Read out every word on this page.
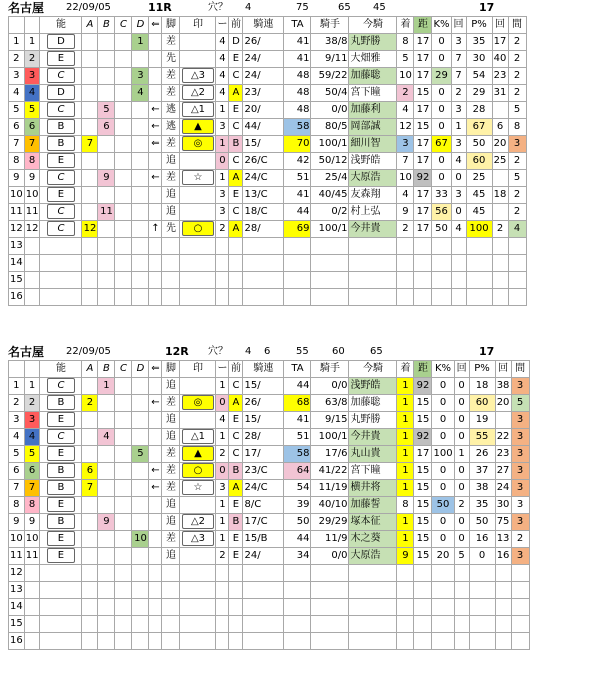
名古屋 22/09/05	11R	穴？ 4	75	65 45	17
		能	A	B	C	D	⇐	脚	印	ー	前	騎連	TA	騎手	今騎	着	距	K%	回	P%	回	間
1	1	D				1		差		4	D	26/	41	38/8	丸野勝	8	17	0	3	35	17	2
2	2	E						先		4	E	24/	41	9/11	大畑雅	5	17	0	7	30	40	2
3	3	C				3		差	△3	4	C	24/	48	59/22	加藤聡	10	17	29	7	54	23	2
4	4	D				4		差	△2	4	A	23/	48	50/4	宮下瞳	2	15	0	2	29	31	2
5	5	C		5			←	逃	△1	1	E	20/	48	0/0	加藤利	4	17	0	3	28		5
6	6	B		6			←	逃	▲	3	C	44/	58	80/5	岡部誠	12	15	0	1	67	6	8
7	7	B	7				⇐	差	◎	1	B	15/	70	100/1	細川智	3	17	67	3	50	20	3
8	8	E						追		0	C	26/C	42	50/12	浅野皓	7	17	0	4	60	25	2
9	9	C		9			←	差	☆	1	A	24/C	51	25/4	大原浩	10	92	0	0	25		5
10	10	E						追		3	E	13/C	41	40/45	友森翔	4	17	33	3	45	18	2
11	11	C		11				追		3	C	18/C	44	0/2	村上弘	9	17	56	0	45		2
12	12	C	12				↑	先	○	2	A	28/	69	100/1	今井貴	2	17	50	4	100	2	4
13																						
14																						
15																						
16																						
名古屋 22/09/05	12R 穴？ 4 6	55 60	65	17
		能	A	B	C	D	⇐	脚	印	ー	前	騎連	TA	騎手	今騎	着	距	K%	回	P%	回	間
1	1	C		1				追		1	C	15/	44	0/0	浅野皓	1	92	0	0	18	38	3
2	2	B	2				←	差	◎	0	A	26/	68	63/8	加藤聡	1	15	0	0	60	20	5
3	3	E						追		4	E	15/	41	9/15	丸野勝	1	15	0	0	19		3
4	4	C		4				追	△1	1	C	28/	51	100/1	今井貴	1	92	0	0	55	22	3
5	5	E				5		差	▲	2	C	17/	58	17/6	丸山貴	1	17	100	1	26	23	3
6	6	B	6				←	差	○	0	B	23/C	64	41/22	宮下瞳	1	15	0	0	37	27	3
7	7	B	7				←	差	☆	3	A	24/C	54	11/19	横井将	1	15	0	0	38	24	3
8	8	E						追		1	E	8/C	39	40/10	加藤誓	8	15	50	2	35	30	3
9	9	B		9				追	△2	1	B	17/C	50	29/29	塚本征	1	15	0	0	50	75	3
10	10	E				10		差	△3	1	E	15/B	44	11/9	木之葵	1	15	0	0	16	13	2
11	11	E						追		2	E	24/	34	0/0	大原浩	9	15	20	5	0	16	3
12																						
13																						
14																						
15																						
16																						
